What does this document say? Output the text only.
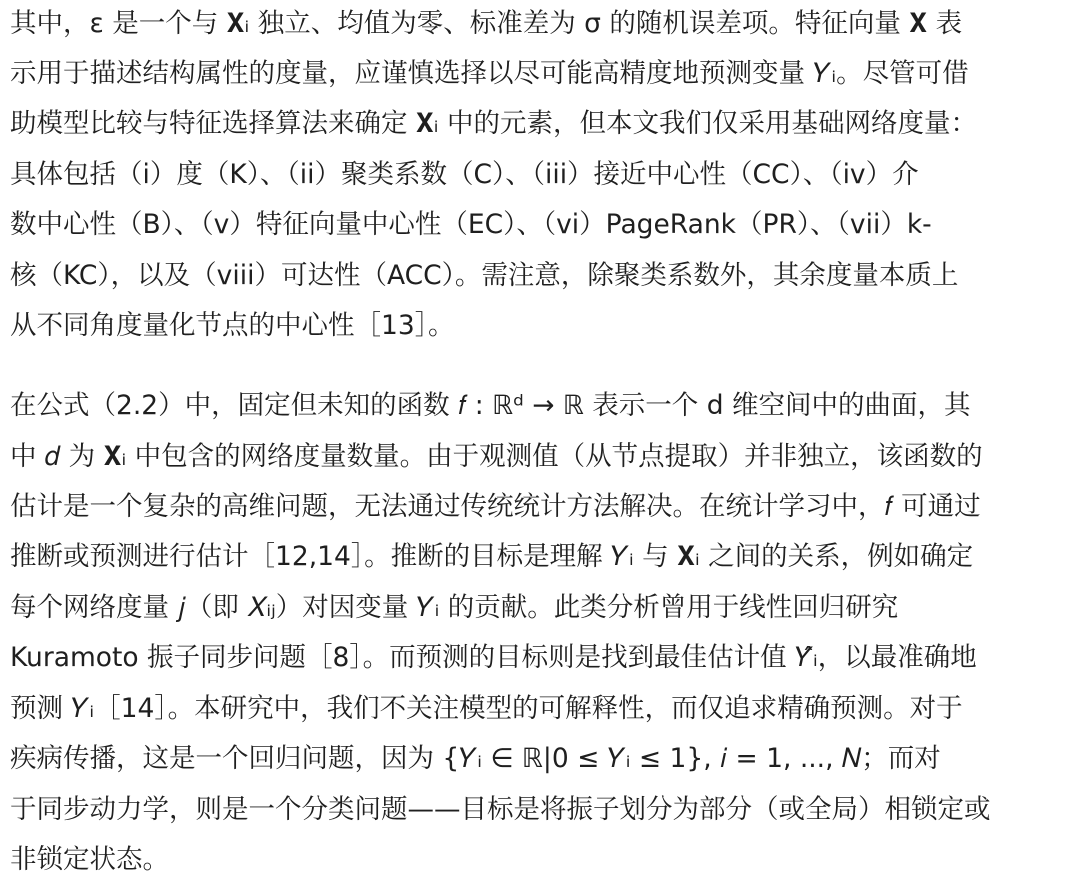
其中，ε 是一个与 𝐗ᵢ 独立、均值为零、标准差为 σ 的随机误差项。特征向量 𝐗 表
示用于描述结构属性的度量，应谨慎选择以尽可能高精度地预测变量 𝑌ᵢ。尽管可借
助模型比较与特征选择算法来确定 𝐗ᵢ 中的元素，但本文我们仅采用基础网络度量：
具体包括（i）度（K）、（ii）聚类系数（C）、（iii）接近中心性（CC）、（iv）介
数中心性（B）、（v）特征向量中心性（EC）、（vi）PageRank（PR）、（vii）k-
核（KC），以及（viii）可达性（ACC）。需注意，除聚类系数外，其余度量本质上
从不同角度量化节点的中心性［13］。
在公式（2.2）中，固定但未知的函数 𝑓 : ℝᵈ → ℝ 表示一个 d 维空间中的曲面，其
中 𝑑 为 𝐗ᵢ 中包含的网络度量数量。由于观测值（从节点提取）并非独立，该函数的
估计是一个复杂的高维问题，无法通过传统统计方法解决。在统计学习中，𝑓 可通过
推断或预测进行估计［12,14］。推断的目标是理解 𝑌ᵢ 与 𝐗ᵢ 之间的关系，例如确定
每个网络度量 𝑗（即 𝑋ᵢⱼ）对因变量 𝑌ᵢ 的贡献。此类分析曾用于线性回归研究
Kuramoto 振子同步问题［8］。而预测的目标则是找到最佳估计值 𝑌̂ᵢ，以最准确地
预测 𝑌ᵢ［14］。本研究中，我们不关注模型的可解释性，而仅追求精确预测。对于
疾病传播，这是一个回归问题，因为 {𝑌ᵢ ∈ ℝ|0 ≤ 𝑌ᵢ ≤ 1}, 𝑖 = 1, ..., 𝑁；而对
于同步动力学，则是一个分类问题——目标是将振子划分为部分（或全局）相锁定或
非锁定状态。
